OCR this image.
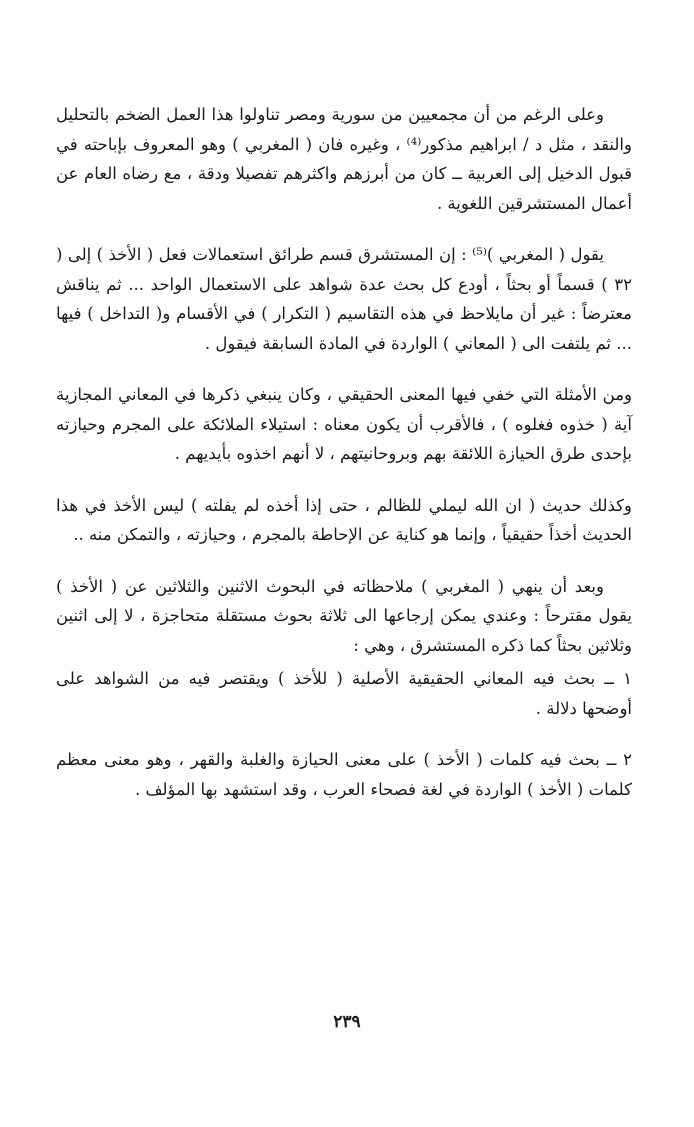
وعلى الرغم من أن مجمعيين من سورية ومصر تناولوا هذا العمل الضخم بالتحليل والنقد ، مثل د / ابراهيم مذكور⁽⁴⁾ ، وغيره فان ( المغربي ) وهو المعروف بإباحته في قبول الدخيل إلى العربية ــ كان من أبرزهم واكثرهم تفصيلا ودقة ، مع رضاه العام عن أعمال المستشرقين اللغوية .

يقول ( المغربي )⁽⁵⁾ : إن المستشرق قسم طرائق استعمالات فعل ( الأخذ ) إلى ( ٣٢ ) قسماً أو بحثاً ، أودع كل بحث عدة شواهد على الاستعمال الواحد ... ثم يناقش معترضاً : غير أن مايلاحظ في هذه التقاسيم ( التكرار ) في الأقسام و( التداخل ) فيها ... ثم يلتفت الى ( المعاني ) الواردة في المادة السابقة فيقول .

ومن الأمثلة التي خفي فيها المعنى الحقيقي ، وكان ينبغي ذكرها في المعاني المجازية آية ( خذوه فغلوه ) ، فالأقرب أن يكون معناه : استيلاء الملائكة على المجرم وحيازته بإحدى طرق الحيازة اللائقة بهم وبروحانيتهم ، لا أنهم اخذوه بأيديهم .

وكذلك حديث ( ان الله ليملي للظالم ، حتى إذا أخذه لم يفلته ) ليس الأخذ في هذا الحديث أخذاً حقيقياً ، وإنما هو كناية عن الإحاطة بالمجرم ، وحيازته ، والتمكن منه ..

وبعد أن ينهي ( المغربي ) ملاحظاته في البحوث الاثنين والثلاثين عن ( الأخذ ) يقول مقترحاً : وعندي يمكن إرجاعها الى ثلاثة بحوث مستقلة متحاجزة ، لا إلى اثنين وثلاثين بحثاً كما ذكره المستشرق ، وهي :

١ ــ بحث فيه المعاني الحقيقية الأصلية ( للأخذ ) ويقتصر فيه من الشواهد على أوضحها دلالة .

٢ ــ بحث فيه كلمات ( الأخذ ) على معنى الحيازة والغلبة والقهر ، وهو معنى معظم كلمات ( الأخذ ) الواردة في لغة فصحاء العرب ، وقد استشهد بها المؤلف .

٢٣٩
